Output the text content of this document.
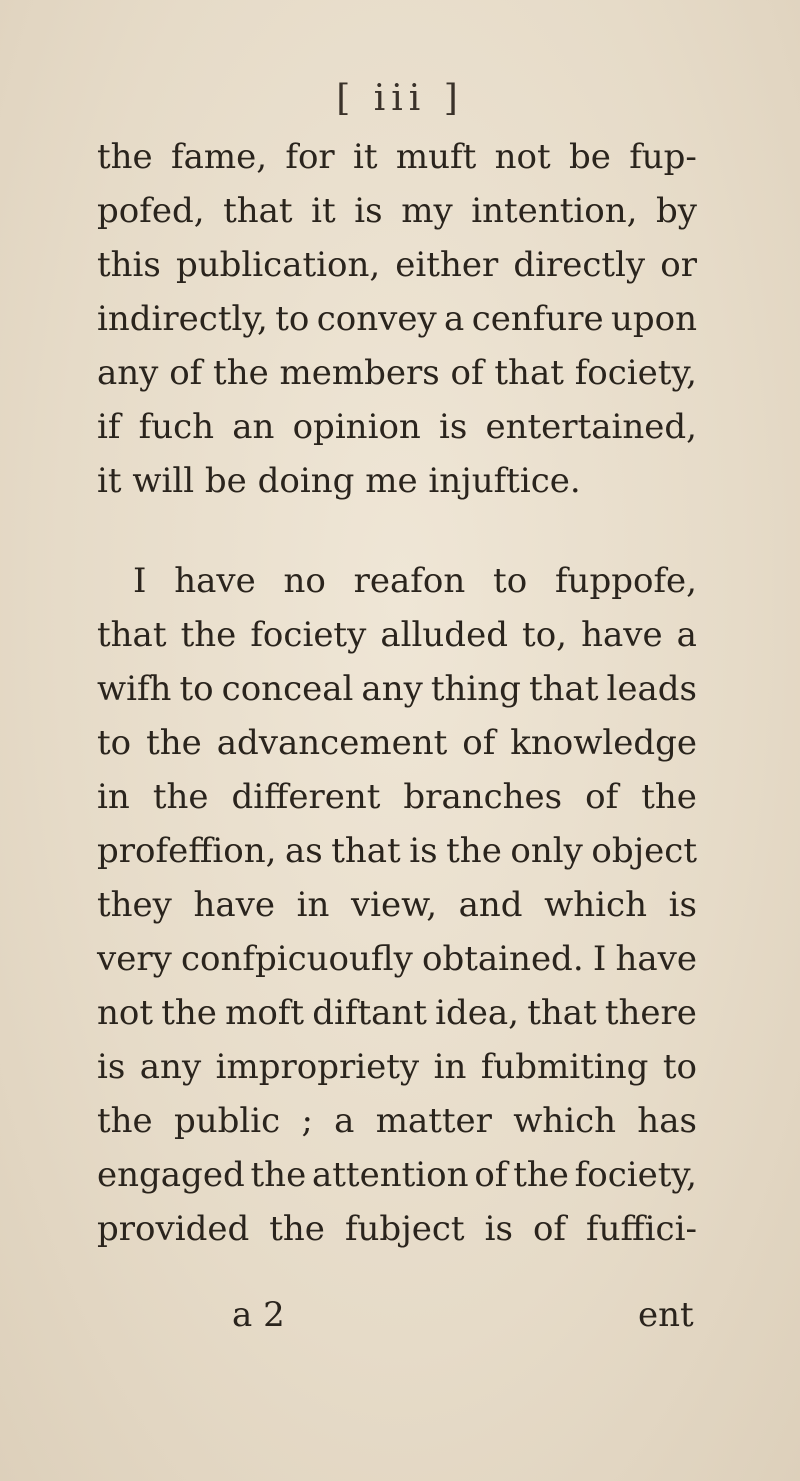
[ iii ]
the fame, for it muft not be fup-
pofed, that it is my intention, by
this publication, either directly or
indirectly, to convey a cenfure upon
any of the members of that fociety,
if fuch an opinion is entertained,
it
will
be
doing
me
injuftice.
I have no reafon to fuppofe,
that the fociety alluded to, have a
wifh to conceal any thing that leads
to the advancement of knowledge
in the different branches of the
profeffion, as that is the only object
they have in view, and which is
very confpicuoufly obtained. I have
not the moft diftant idea, that there
is any impropriety in fubmiting to
the public ; a matter which has
engaged the attention of the fociety,
provided the fubject is of fuffici-
a 2	ent
